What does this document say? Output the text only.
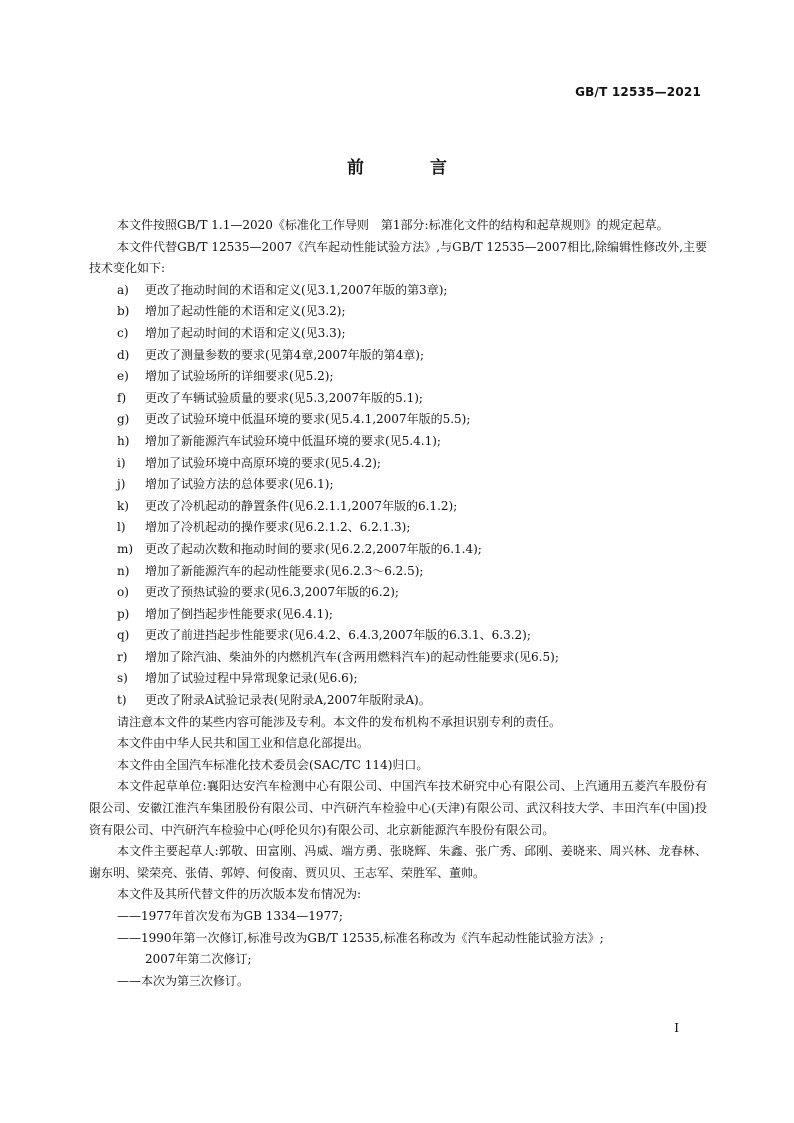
GB/T 12535—2021
前 言

本文件按照GB/T 1.1—2020《标准化工作导则　第1部分:标准化文件的结构和起草规则》的规定起草。

本文件代替GB/T 12535—2007《汽车起动性能试验方法》,与GB/T 12535—2007相比,除编辑性修改外,主要技术变化如下:

a) 更改了拖动时间的术语和定义(见3.1,2007年版的第3章);
b) 增加了起动性能的术语和定义(见3.2);
c) 增加了起动时间的术语和定义(见3.3);
d) 更改了测量参数的要求(见第4章,2007年版的第4章);
e) 增加了试验场所的详细要求(见5.2);
f) 更改了车辆试验质量的要求(见5.3,2007年版的5.1);
g) 更改了试验环境中低温环境的要求(见5.4.1,2007年版的5.5);
h) 增加了新能源汽车试验环境中低温环境的要求(见5.4.1);
i) 增加了试验环境中高原环境的要求(见5.4.2);
j) 增加了试验方法的总体要求(见6.1);
k) 更改了冷机起动的静置条件(见6.2.1.1,2007年版的6.1.2);
l) 增加了冷机起动的操作要求(见6.2.1.2、6.2.1.3);
m) 更改了起动次数和拖动时间的要求(见6.2.2,2007年版的6.1.4);
n) 增加了新能源汽车的起动性能要求(见6.2.3～6.2.5);
o) 更改了预热试验的要求(见6.3,2007年版的6.2);
p) 增加了倒挡起步性能要求(见6.4.1);
q) 更改了前进挡起步性能要求(见6.4.2、6.4.3,2007年版的6.3.1、6.3.2);
r) 增加了除汽油、柴油外的内燃机汽车(含两用燃料汽车)的起动性能要求(见6.5);
s) 增加了试验过程中异常现象记录(见6.6);
t) 更改了附录A试验记录表(见附录A,2007年版附录A)。

请注意本文件的某些内容可能涉及专利。本文件的发布机构不承担识别专利的责任。

本文件由中华人民共和国工业和信息化部提出。

本文件由全国汽车标准化技术委员会(SAC/TC 114)归口。

本文件起草单位:襄阳达安汽车检测中心有限公司、中国汽车技术研究中心有限公司、上汽通用五菱汽车股份有限公司、安徽江淮汽车集团股份有限公司、中汽研汽车检验中心(天津)有限公司、武汉科技大学、丰田汽车(中国)投资有限公司、中汽研汽车检验中心(呼伦贝尔)有限公司、北京新能源汽车股份有限公司。

本文件主要起草人:郭敬、田富刚、冯威、端方勇、张晓辉、朱鑫、张广秀、邱刚、姜晓来、周兴林、龙春林、谢东明、梁荣亮、张倩、郭婷、何俊南、贾贝贝、王志军、荣胜军、董帅。

本文件及其所代替文件的历次版本发布情况为:

——1977年首次发布为GB 1334—1977;

——1990年第一次修订,标准号改为GB/T 12535,标准名称改为《汽车起动性能试验方法》;

2007年第二次修订;

——本次为第三次修订。

I
